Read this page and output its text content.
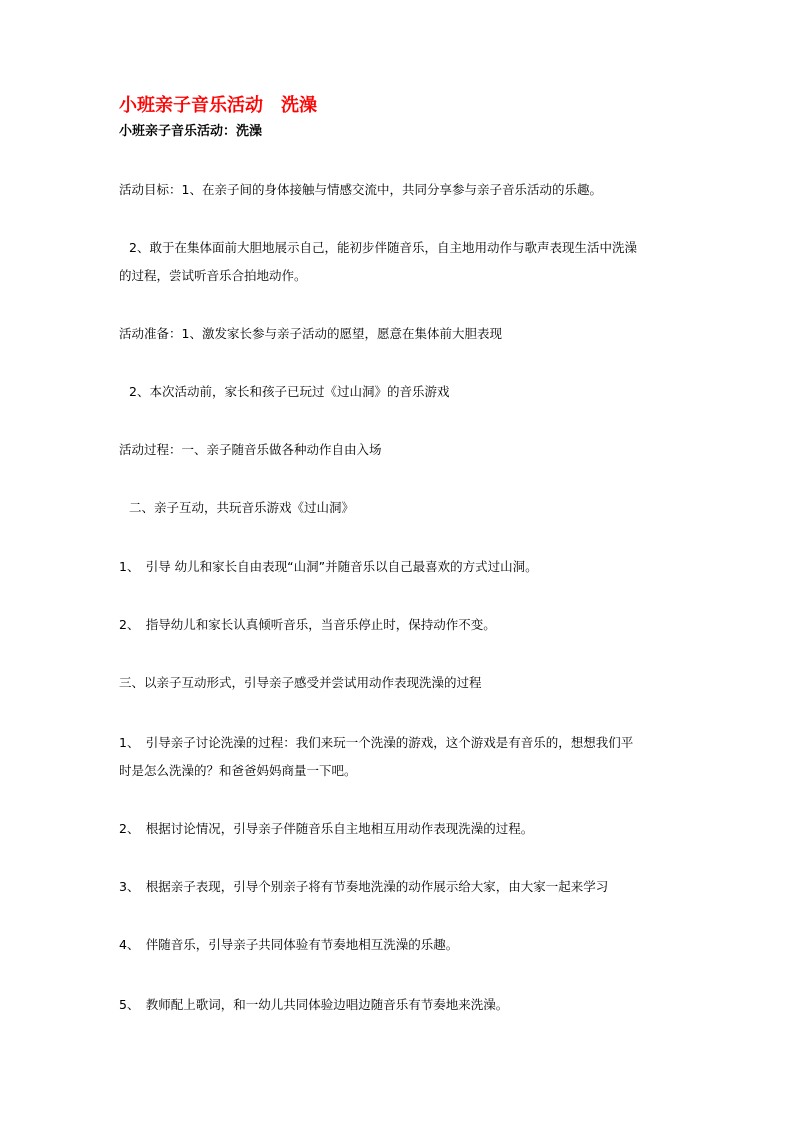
小班亲子音乐活动　洗澡
小班亲子音乐活动：洗澡
活动目标：1、在亲子间的身体接触与情感交流中，共同分享参与亲子音乐活动的乐趣。
2、敢于在集体面前大胆地展示自己，能初步伴随音乐，自主地用动作与歌声表现生活中洗澡
的过程，尝试听音乐合拍地动作。
活动准备：1、激发家长参与亲子活动的愿望，愿意在集体前大胆表现
2、本次活动前，家长和孩子已玩过《过山洞》的音乐游戏
活动过程：一、亲子随音乐做各种动作自由入场
二、亲子互动，共玩音乐游戏《过山洞》
1、　引导 幼儿和家长自由表现“山洞”并随音乐以自己最喜欢的方式过山洞。
2、　指导幼儿和家长认真倾听音乐，当音乐停止时，保持动作不变。
三、以亲子互动形式，引导亲子感受并尝试用动作表现洗澡的过程
1、　引导亲子讨论洗澡的过程：我们来玩一个洗澡的游戏，这个游戏是有音乐的，想想我们平
时是怎么洗澡的？和爸爸妈妈商量一下吧。
2、　根据讨论情况，引导亲子伴随音乐自主地相互用动作表现洗澡的过程。
3、　根据亲子表现，引导个别亲子将有节奏地洗澡的动作展示给大家，由大家一起来学习
4、　伴随音乐，引导亲子共同体验有节奏地相互洗澡的乐趣。
5、　教师配上歌词，和一幼儿共同体验边唱边随音乐有节奏地来洗澡。
